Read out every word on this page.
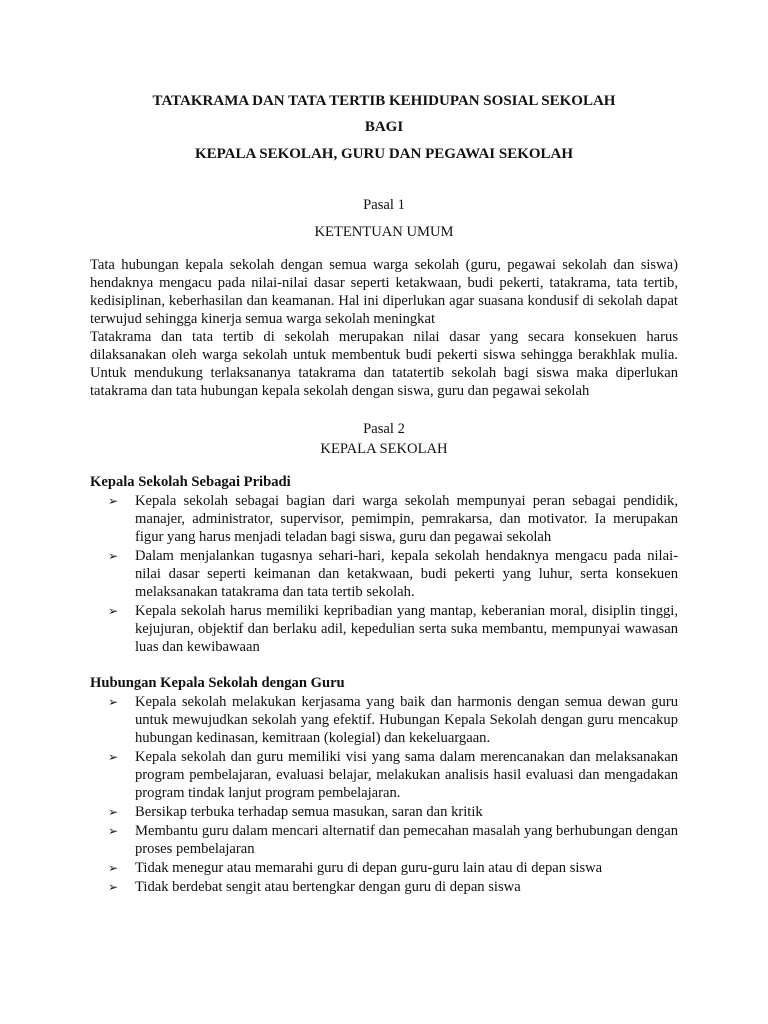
TATAKRAMA DAN TATA TERTIB KEHIDUPAN SOSIAL SEKOLAH

BAGI

KEPALA SEKOLAH, GURU DAN PEGAWAI SEKOLAH

Pasal 1

KETENTUAN UMUM

Tata hubungan kepala sekolah dengan semua warga sekolah (guru, pegawai sekolah dan siswa) hendaknya mengacu pada nilai-nilai dasar seperti ketakwaan, budi pekerti, tatakrama, tata tertib, kedisiplinan, keberhasilan dan keamanan. Hal ini diperlukan agar suasana kondusif di sekolah dapat terwujud sehingga kinerja semua warga sekolah meningkat

Tatakrama dan tata tertib di sekolah merupakan nilai dasar yang secara konsekuen harus dilaksanakan oleh warga sekolah untuk membentuk budi pekerti siswa sehingga berakhlak mulia. Untuk mendukung terlaksananya tatakrama dan tatatertib sekolah bagi siswa maka diperlukan tatakrama dan tata hubungan kepala sekolah dengan siswa, guru dan pegawai sekolah

Pasal 2

KEPALA SEKOLAH

Kepala Sekolah Sebagai Pribadi

➢ Kepala sekolah sebagai bagian dari warga sekolah mempunyai peran sebagai pendidik, manajer, administrator, supervisor, pemimpin, pemrakarsa, dan motivator. Ia merupakan figur yang harus menjadi teladan bagi siswa, guru dan pegawai sekolah
➢ Dalam menjalankan tugasnya sehari-hari, kepala sekolah hendaknya mengacu pada nilai-nilai dasar seperti keimanan dan ketakwaan, budi pekerti yang luhur, serta konsekuen melaksanakan tatakrama dan tata tertib sekolah.
➢ Kepala sekolah harus memiliki kepribadian yang mantap, keberanian moral, disiplin tinggi, kejujuran, objektif dan berlaku adil, kepedulian serta suka membantu, mempunyai wawasan luas dan kewibawaan

Hubungan Kepala Sekolah dengan Guru

➢ Kepala sekolah melakukan kerjasama yang baik dan harmonis dengan semua dewan guru untuk mewujudkan sekolah yang efektif. Hubungan Kepala Sekolah dengan guru mencakup hubungan kedinasan, kemitraan (kolegial) dan kekeluargaan.
➢ Kepala sekolah dan guru memiliki visi yang sama dalam merencanakan dan melaksanakan program pembelajaran, evaluasi belajar, melakukan analisis hasil evaluasi dan mengadakan program tindak lanjut program pembelajaran.
➢ Bersikap terbuka terhadap semua masukan, saran dan kritik
➢ Membantu guru dalam mencari alternatif dan pemecahan masalah yang berhubungan dengan proses pembelajaran
➢ Tidak menegur atau memarahi guru di depan guru-guru lain atau di depan siswa
➢ Tidak berdebat sengit atau bertengkar dengan guru di depan siswa
